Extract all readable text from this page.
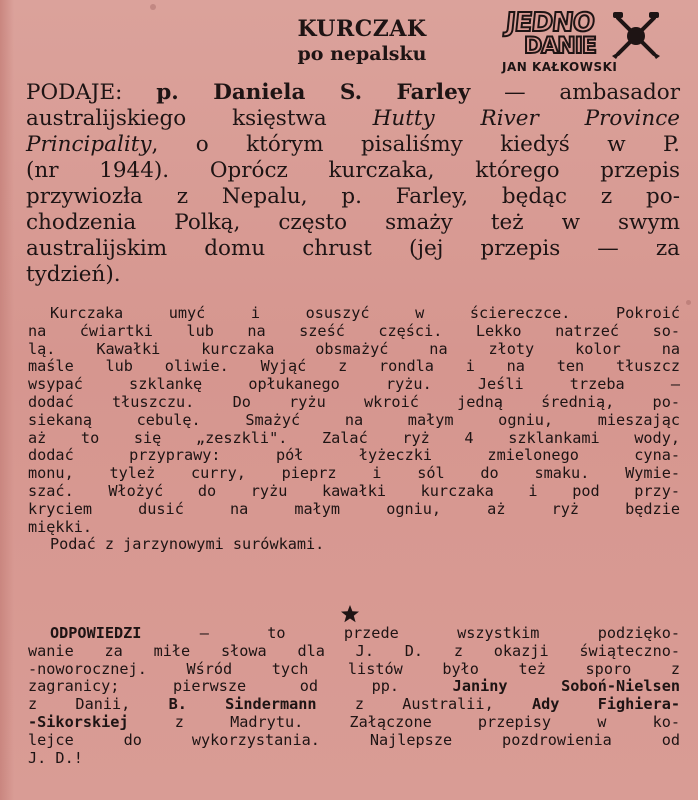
KURCZAK
po nepalsku
JEDNO
DANIE
JAN KAŁKOWSKI
PODAJE: p. Daniela S. Farley — ambasador
australijskiego księstwa Hutty River Province
Principality, o którym pisaliśmy kiedyś w P.
(nr 1944). Oprócz kurczaka, którego przepis
przywiozła z Nepalu, p. Farley, będąc z po-
chodzenia Polką, często smaży też w swym
australijskim domu chrust (jej przepis — za
tydzień).
Kurczaka umyć i osuszyć w ściereczce. Pokroić
na ćwiartki lub na sześć części. Lekko natrzeć so-
lą. Kawałki kurczaka obsmażyć na złoty kolor na
maśle lub oliwie. Wyjąć z rondla i na ten tłuszcz
wsypać szklankę opłukanego ryżu. Jeśli trzeba —
dodać tłuszczu. Do ryżu wkroić jedną średnią, po-
siekaną cebulę. Smażyć na małym ogniu, mieszając
aż to się „zeszkli". Zalać ryż 4 szklankami wody,
dodać przyprawy: pół łyżeczki zmielonego cyna-
monu, tyleż curry, pieprz i sól do smaku. Wymie-
szać. Włożyć do ryżu kawałki kurczaka i pod przy-
kryciem dusić na małym ogniu, aż ryż będzie
miękki.
Podać z jarzynowymi surówkami.
ODPOWIEDZI — to przede wszystkim podzięko-
wanie za miłe słowa dla J. D. z okazji świąteczno-
-noworocznej. Wśród tych listów było też sporo z
zagranicy; pierwsze od pp. Janiny Soboń-Nielsen
z Danii, B. Sindermann z Australii, Ady Fighiera-
-Sikorskiej z Madrytu. Załączone przepisy w ko-
lejce do wykorzystania. Najlepsze pozdrowienia od
J. D.!
